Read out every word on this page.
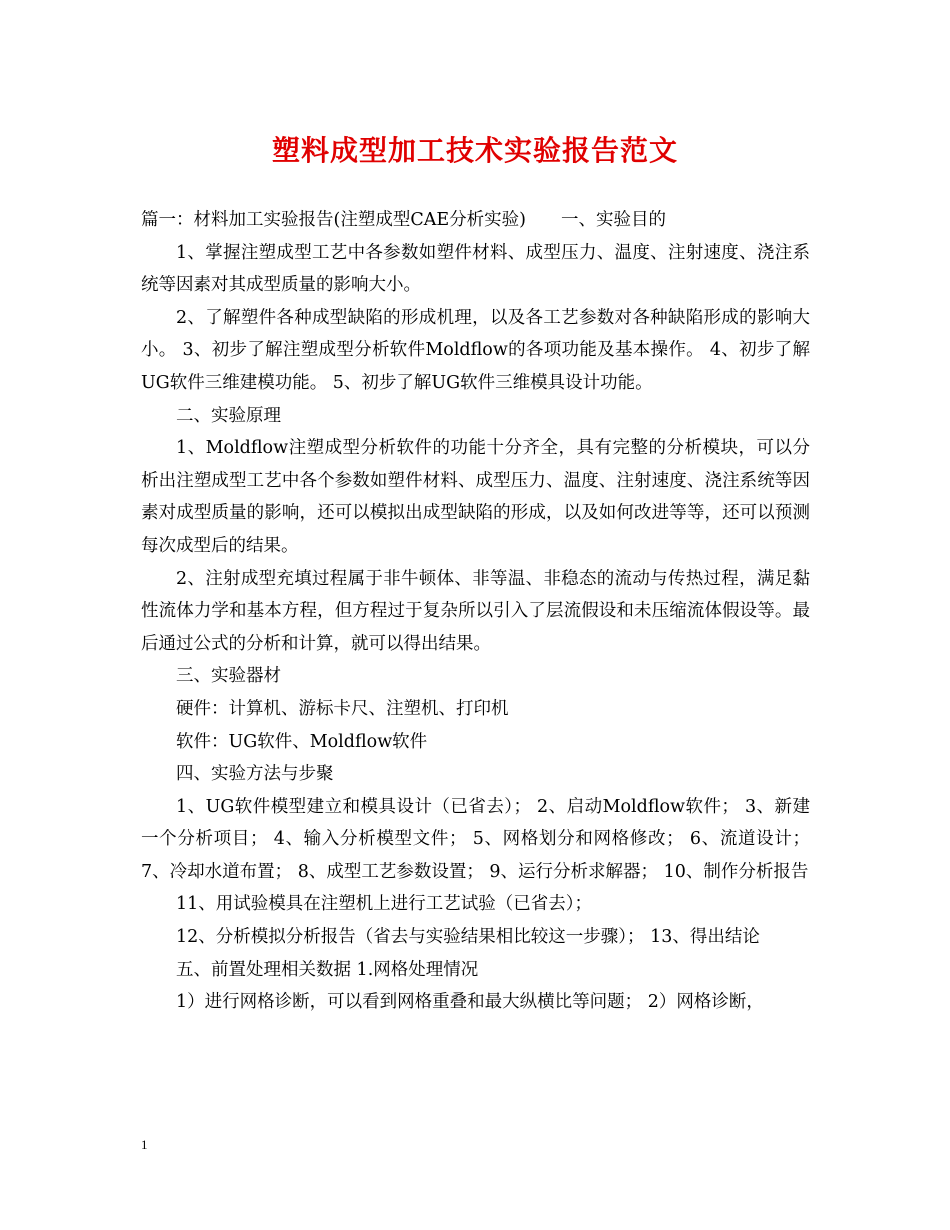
塑料成型加工技术实验报告范文

篇一：材料加工实验报告(注塑成型CAE分析实验)　　一、实验目的

1、掌握注塑成型工艺中各参数如塑件材料、成型压力、温度、注射速度、浇注系统等因素对其成型质量的影响大小。

2、了解塑件各种成型缺陷的形成机理，以及各工艺参数对各种缺陷形成的影响大小。 3、初步了解注塑成型分析软件Moldflow的各项功能及基本操作。 4、初步了解UG软件三维建模功能。 5、初步了解UG软件三维模具设计功能。

二、实验原理

1、Moldflow注塑成型分析软件的功能十分齐全，具有完整的分析模块，可以分析出注塑成型工艺中各个参数如塑件材料、成型压力、温度、注射速度、浇注系统等因素对成型质量的影响，还可以模拟出成型缺陷的形成，以及如何改进等等，还可以预测每次成型后的结果。

2、注射成型充填过程属于非牛顿体、非等温、非稳态的流动与传热过程，满足黏性流体力学和基本方程，但方程过于复杂所以引入了层流假设和未压缩流体假设等。最后通过公式的分析和计算，就可以得出结果。

三、实验器材

硬件：计算机、游标卡尺、注塑机、打印机

软件：UG软件、Moldflow软件

四、实验方法与步聚

1、UG软件模型建立和模具设计（已省去）； 2、启动Moldflow软件； 3、新建一个分析项目； 4、输入分析模型文件； 5、网格划分和网格修改； 6、流道设计； 7、冷却水道布置； 8、成型工艺参数设置； 9、运行分析求解器； 10、制作分析报告

11、用试验模具在注塑机上进行工艺试验（已省去）；

12、分析模拟分析报告（省去与实验结果相比较这一步骤）； 13、得出结论

五、前置处理相关数据 1.网格处理情况

1）进行网格诊断，可以看到网格重叠和最大纵横比等问题； 2）网格诊断，

1
